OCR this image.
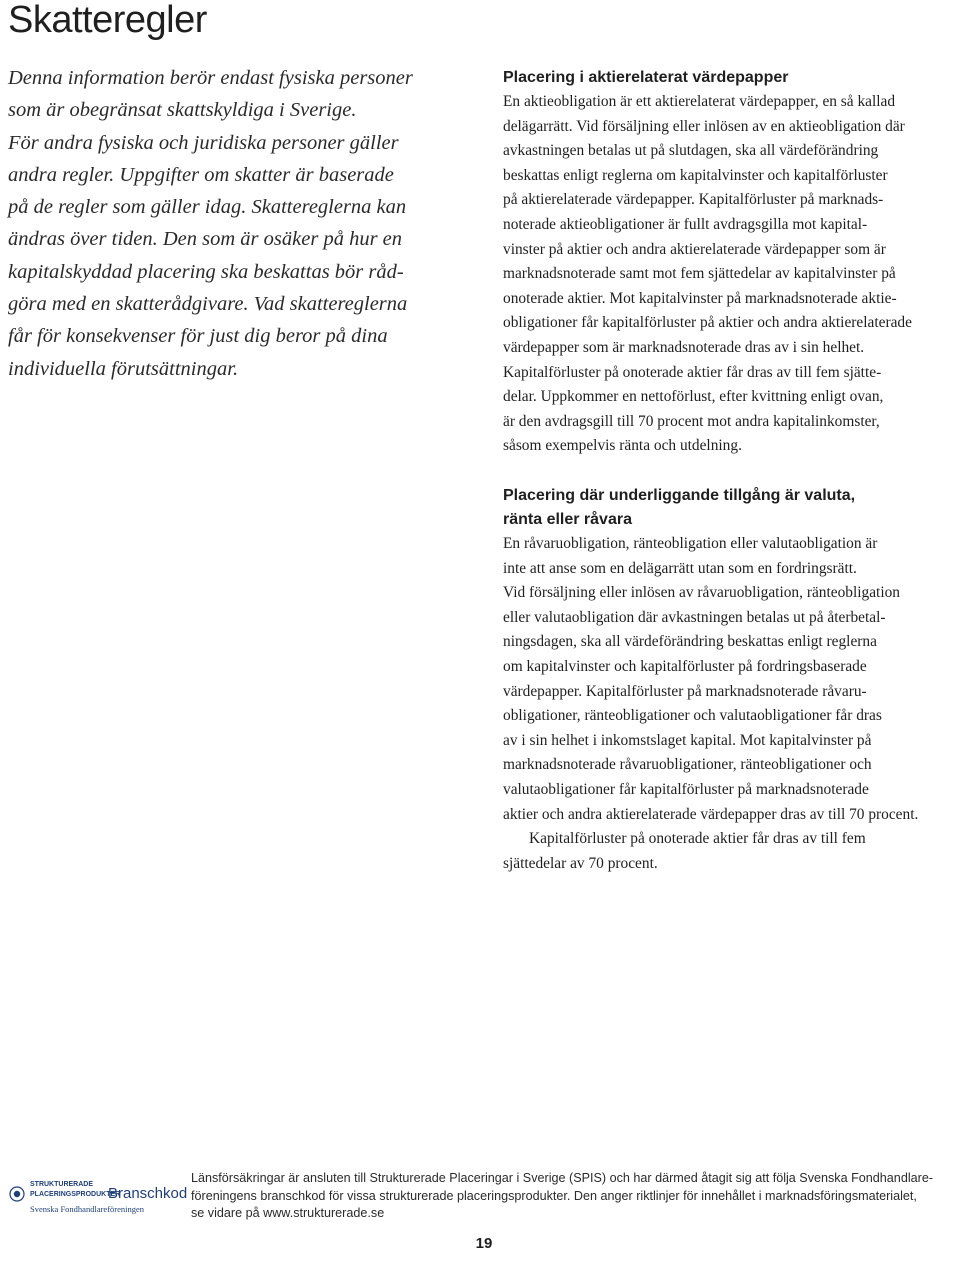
Skatteregler
Denna information berör endast fysiska personer
som är obegränsat skattskyldiga i Sverige.
För andra fysiska och juridiska personer gäller
andra regler. Uppgifter om skatter är baserade
på de regler som gäller idag. Skattereglerna kan
ändras över tiden. Den som är osäker på hur en
kapitalskyddad placering ska beskattas bör råd-
göra med en skatterådgivare. Vad skattereglerna
får för konsekvenser för just dig beror på dina
individuella förutsättningar.
Placering i aktierelaterat värdepapper

En aktieobligation är ett aktierelaterat värdepapper, en så kallad
delägarrätt. Vid försäljning eller inlösen av en aktieobligation där
avkastningen betalas ut på slutdagen, ska all värdeförändring
beskattas enligt reglerna om kapitalvinster och kapitalförluster
på aktierelaterade värdepapper. Kapitalförluster på marknads-
noterade aktieobligationer är fullt avdragsgilla mot kapital-
vinster på aktier och andra aktierelaterade värdepapper som är
marknadsnoterade samt mot fem sjättedelar av kapitalvinster på
onoterade aktier. Mot kapitalvinster på marknadsnoterade aktie-
obligationer får kapitalförluster på aktier och andra aktierelaterade
värdepapper som är marknadsnoterade dras av i sin helhet.
Kapitalförluster på onoterade aktier får dras av till fem sjätte-
delar. Uppkommer en nettoförlust, efter kvittning enligt ovan,
är den avdragsgill till 70 procent mot andra kapitalinkomster,
såsom exempelvis ränta och utdelning.

Placering där underliggande tillgång är valuta,
ränta eller råvara

En råvaruobligation, ränteobligation eller valutaobligation är
inte att anse som en delägarrätt utan som en fordringsrätt.
Vid försäljning eller inlösen av råvaruobligation, ränteobligation
eller valutaobligation där avkastningen betalas ut på återbetal-
ningsdagen, ska all värdeförändring beskattas enligt reglerna
om kapitalvinster och kapitalförluster på fordringsbaserade
värdepapper. Kapitalförluster på marknadsnoterade råvaru-
obligationer, ränteobligationer och valutaobligationer får dras
av i sin helhet i inkomstslaget kapital. Mot kapitalvinster på
marknadsnoterade råvaruobligationer, ränteobligationer och
valutaobligationer får kapitalförluster på marknadsnoterade
aktier och andra aktierelaterade värdepapper dras av till 70 procent.
Kapitalförluster på onoterade aktier får dras av till fem
sjättedelar av 70 procent.

STRUKTURERADE
PLACERINGSPRODUKTER
Branschkod
Svenska Fondhandlareföreningen
Länsförsäkringar är ansluten till Strukturerade Placeringar i Sverige (SPIS) och har därmed åtagit sig att följa Svenska Fondhandlare-
föreningens branschkod för vissa strukturerade placeringsprodukter. Den anger riktlinjer för innehållet i marknadsföringsmaterialet,
se vidare på www.strukturerade.se
19
